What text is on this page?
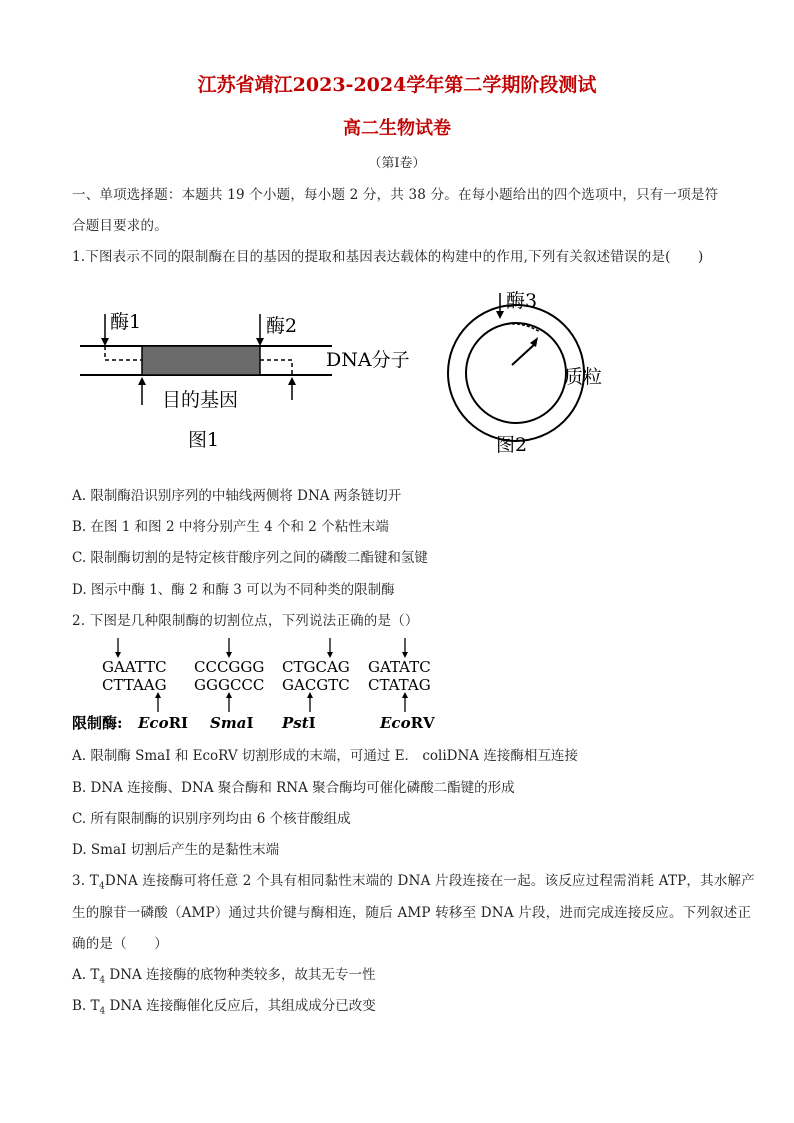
江苏省靖江2023-2024学年第二学期阶段测试
高二生物试卷
（第Ⅰ卷）
一、单项选择题：本题共 19 个小题，每小题 2 分，共 38 分。在每小题给出的四个选项中，只有一项是符
合题目要求的。
1.下图表示不同的限制酶在目的基因的提取和基因表达载体的构建中的作用,下列有关叙述错误的是(　　)
酶1	酶2
DNA分子
目的基因
图1
酶3
质粒
图2
A. 限制酶沿识别序列的中轴线两侧将 DNA 两条链切开
B. 在图 1 和图 2 中将分别产生 4 个和 2 个粘性末端
C. 限制酶切割的是特定核苷酸序列之间的磷酸二酯键和氢键
D. 图示中酶 1、酶 2 和酶 3 可以为不同种类的限制酶
2. 下图是几种限制酶的切割位点，下列说法正确的是（）
GAATTC CCCGGG CTGCAG GATATC
CTTAAG GGGCCC GACGTC CTATAG
限制酶: EcoRⅠ SmaⅠ PstⅠ	EcoRⅤ
A. 限制酶 SmaI 和 EcoRV 切割形成的末端，可通过 E． coliDNA 连接酶相互连接
B. DNA 连接酶、DNA 聚合酶和 RNA 聚合酶均可催化磷酸二酯键的形成
C. 所有限制酶的识别序列均由 6 个核苷酸组成
D. SmaI 切割后产生的是黏性末端
3. $T_4DNA$ 连接酶可将任意 2 个具有相同黏性末端的 DNA 片段连接在一起。该反应过程需消耗 ATP，其水解产
生的腺苷一磷酸（AMP）通过共价键与酶相连，随后 AMP 转移至 DNA 片段，进而完成连接反应。下列叙述正
确的是（　　）
A. $T_4$ DNA 连接酶的底物种类较多，故其无专一性
B. $T_4$ DNA 连接酶催化反应后，其组成成分已改变
